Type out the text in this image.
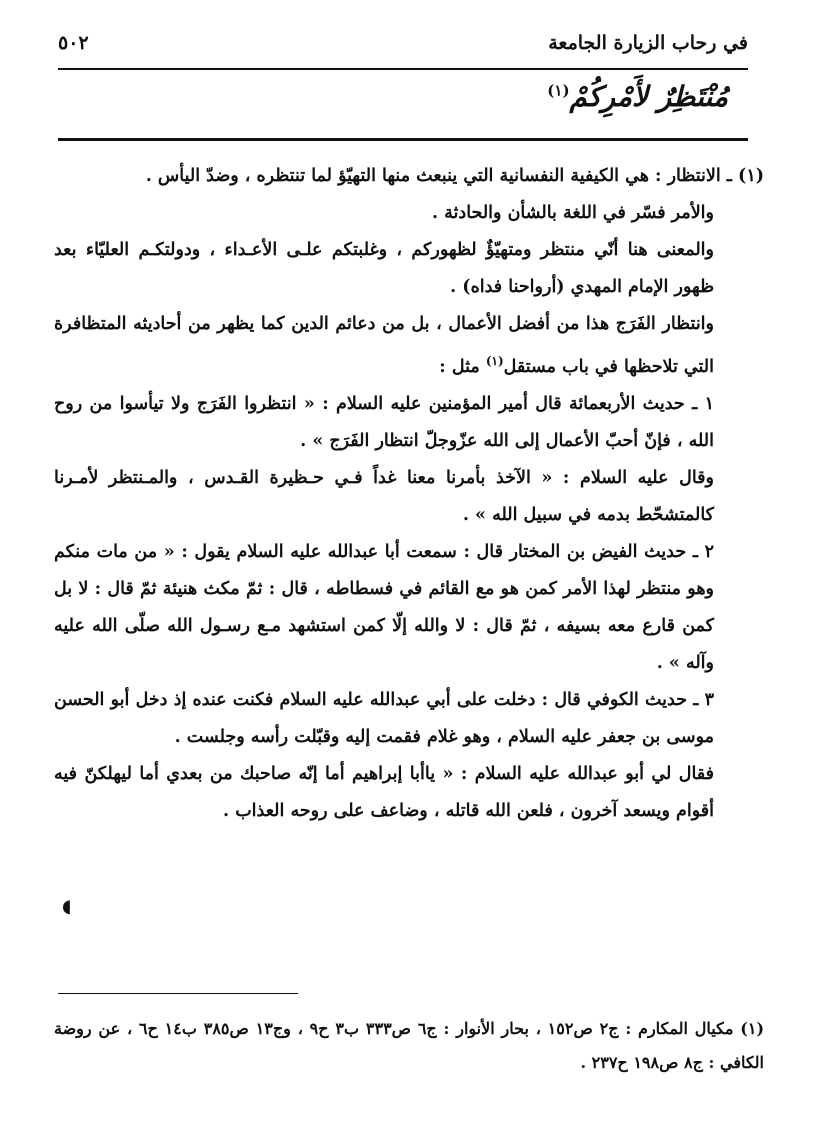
في رحاب الزيارة الجامعة
٥٠٢
مُنْتَظِرٌ لأَمْرِكُمْ$^{(١)}$

(١) ـ الانتظار : هي الكيفية النفسانية التي ينبعث منها التهيّؤ لما تنتظره ، وضدّ اليأس .

والأمر فسّر في اللغة بالشأن والحادثة .

والمعنى هنا أنّي منتظر ومتهيّؤٌ لظهوركم ، وغلبتكم علـى الأعـداء ، ودولتكـم العليّاء بعد ظهور الإمام المهدي (أرواحنا فداه) .

وانتظار الفَرَج هذا من أفضل الأعمال ، بل من دعائم الدين كما يظهر من أحاديثه المتظافرة التي تلاحظها في باب مستقل$^{(١)}$ مثل :

١ ـ حديث الأربعمائة قال أمير المؤمنين عليه السلام : « انتظروا الفَرَج ولا تيأسوا من روح الله ، فإنّ أحبّ الأعمال إلى الله عزّوجلّ انتظار الفَرَج » .

وقال عليه السلام : « الآخذ بأمرنا معنا غداً فـي حـظيرة القـدس ، والمـنتظر لأمـرنا كالمتشحّط بدمه في سبيل الله » .

٢ ـ حديث الفيض بن المختار قال : سمعت أبا عبدالله عليه السلام يقول : « من مات منكم وهو منتظر لهذا الأمر كمن هو مع القائم في فسطاطه ، قال : ثمّ مكث هنيئة ثمّ قال : لا بل كمن قارع معه بسيفه ، ثمّ قال : لا والله إلّا كمن استشهد مـع رسـول الله صلّى الله عليه وآله » .

٣ ـ حديث الكوفي قال : دخلت على أبي عبدالله عليه السلام فكنت عنده إذ دخل أبو الحسن موسى بن جعفر عليه السلام ، وهو غلام فقمت إليه وقبّلت رأسه وجلست .

فقال لي أبو عبدالله عليه السلام : « ياأبا إبراهيم أما إنّه صاحبك من بعدي أما ليهلكنّ فيه أقوام ويسعد آخرون ، فلعن الله قاتله ، وضاعف على روحه العذاب .

◖

(١) مكيال المكارم : ج٢ ص١٥٢ ، بحار الأنوار : ج٦ ص٣٣٣ ب٣ ح٩ ، وج١٣ ص٣٨٥ ب١٤ ح٦ ، عن روضة الكافي : ج٨ ص١٩٨ ح٢٣٧ .
